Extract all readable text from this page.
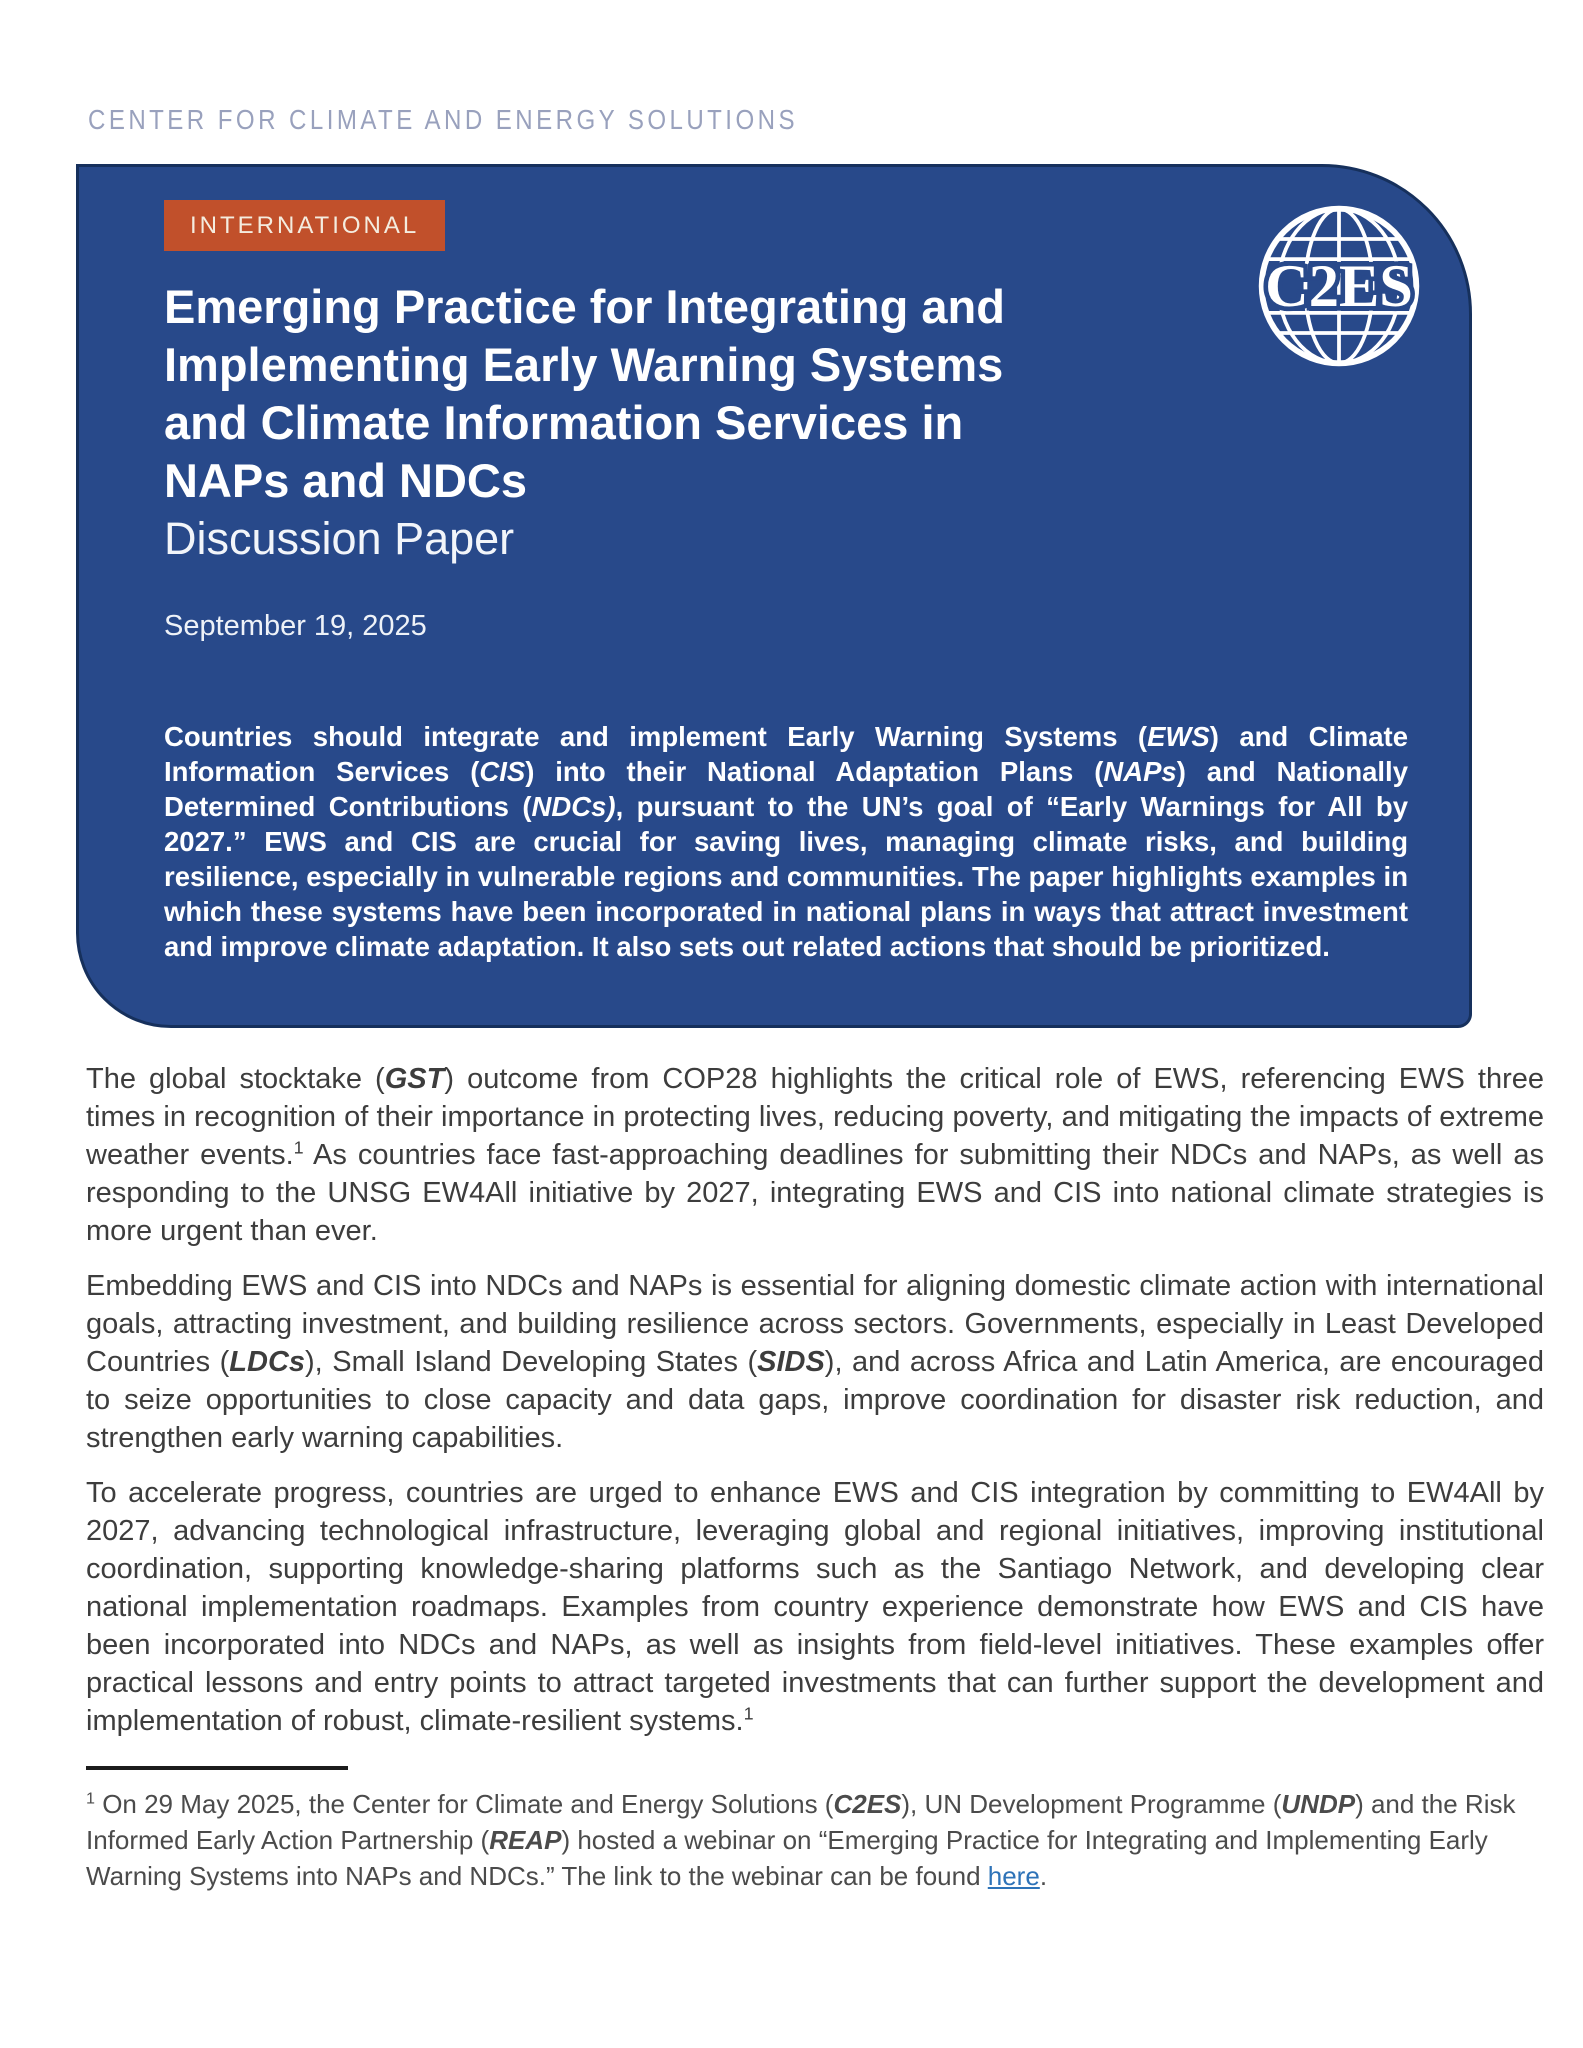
CENTER FOR CLIMATE AND ENERGY SOLUTIONS
INTERNATIONAL
Emerging Practice for Integrating and
Implementing Early Warning Systems
and Climate Information Services in
NAPs and NDCs
Discussion Paper
September 19, 2025
Countries should integrate and implement Early Warning Systems (EWS) and Climate Information Services (CIS) into their National Adaptation Plans (NAPs) and Nationally Determined Contributions (NDCs), pursuant to the UN’s goal of “Early Warnings for All by 2027.” EWS and CIS are crucial for saving lives, managing climate risks, and building resilience, especially in vulnerable regions and communities. The paper highlights examples in which these systems have been incorporated in national plans in ways that attract investment and improve climate adaptation. It also sets out related actions that should be prioritized.
C2ES

The global stocktake (GST) outcome from COP28 highlights the critical role of EWS, referencing EWS three times in recognition of their importance in protecting lives, reducing poverty, and mitigating the impacts of extreme weather events.$^1$ As countries face fast-approaching deadlines for submitting their NDCs and NAPs, as well as responding to the UNSG EW4All initiative by 2027, integrating EWS and CIS into national climate strategies is more urgent than ever.

Embedding EWS and CIS into NDCs and NAPs is essential for aligning domestic climate action with international goals, attracting investment, and building resilience across sectors. Governments, especially in Least Developed Countries (LDCs), Small Island Developing States (SIDS), and across Africa and Latin America, are encouraged to seize opportunities to close capacity and data gaps, improve coordination for disaster risk reduction, and strengthen early warning capabilities.

To accelerate progress, countries are urged to enhance EWS and CIS integration by committing to EW4All by 2027, advancing technological infrastructure, leveraging global and regional initiatives, improving institutional coordination, supporting knowledge-sharing platforms such as the Santiago Network, and developing clear national implementation roadmaps. Examples from country experience demonstrate how EWS and CIS have been incorporated into NDCs and NAPs, as well as insights from field-level initiatives. These examples offer practical lessons and entry points to attract targeted investments that can further support the development and implementation of robust, climate-resilient systems.$^1$

$^1$ On 29 May 2025, the Center for Climate and Energy Solutions (C2ES), UN Development Programme (UNDP) and the Risk Informed Early Action Partnership (REAP) hosted a webinar on “Emerging Practice for Integrating and Implementing Early Warning Systems into NAPs and NDCs.” The link to the webinar can be found here.
